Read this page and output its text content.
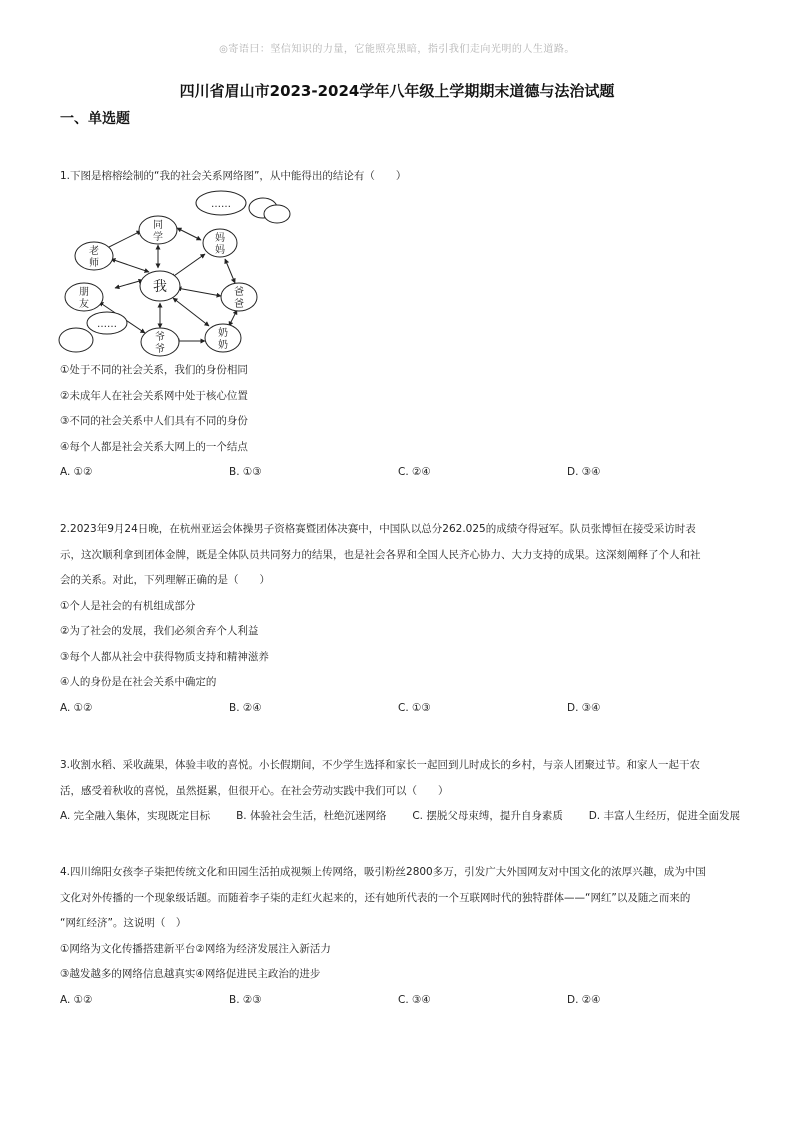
◎寄语曰：坚信知识的力量，它能照亮黑暗，指引我们走向光明的人生道路。
四川省眉山市2023-2024学年八年级上学期期末道德与法治试题
一、单选题

1.下图是榕榕绘制的“我的社会关系网络图”，从中能得出的结论有（　　）

我
同
学
老
师
妈
妈
爸
爸
朋
友
爷
爷
奶
奶
……
……

①处于不同的社会关系，我们的身份相同

②未成年人在社会关系网中处于核心位置

③不同的社会关系中人们具有不同的身份

④每个人都是社会关系大网上的一个结点

A. ①②	B. ①③	C. ②④	D. ③④

2.2023年9月24日晚，在杭州亚运会体操男子资格赛暨团体决赛中，中国队以总分262.025的成绩夺得冠军。队员张博恒在接受采访时表

示，这次顺利拿到团体金牌，既是全体队员共同努力的结果，也是社会各界和全国人民齐心协力、大力支持的成果。这深刻阐释了个人和社

会的关系。对此，下列理解正确的是（　　）

①个人是社会的有机组成部分

②为了社会的发展，我们必须舍弃个人利益

③每个人都从社会中获得物质支持和精神滋养

④人的身份是在社会关系中确定的

A. ①②	B. ②④	C. ①③	D. ③④

3.收割水稻、采收蔬果，体验丰收的喜悦。小长假期间，不少学生选择和家长一起回到儿时成长的乡村，与亲人团聚过节。和家人一起干农

活，感受着秋收的喜悦，虽然挺累，但很开心。在社会劳动实践中我们可以（　　）

A. 完全融入集体，实现既定目标 B. 体验社会生活，杜绝沉迷网络 C. 摆脱父母束缚，提升自身素质 D. 丰富人生经历，促进全面发展

4.四川绵阳女孩李子柒把传统文化和田园生活拍成视频上传网络，吸引粉丝2800多万，引发广大外国网友对中国文化的浓厚兴趣，成为中国

文化对外传播的一个现象级话题。而随着李子柒的走红火起来的，还有她所代表的一个互联网时代的独特群体——“网红”以及随之而来的

“网红经济”。这说明（　）

①网络为文化传播搭建新平台②网络为经济发展注入新活力

③越发越多的网络信息越真实④网络促进民主政治的进步

A. ①②	B. ②③	C. ③④	D. ②④
